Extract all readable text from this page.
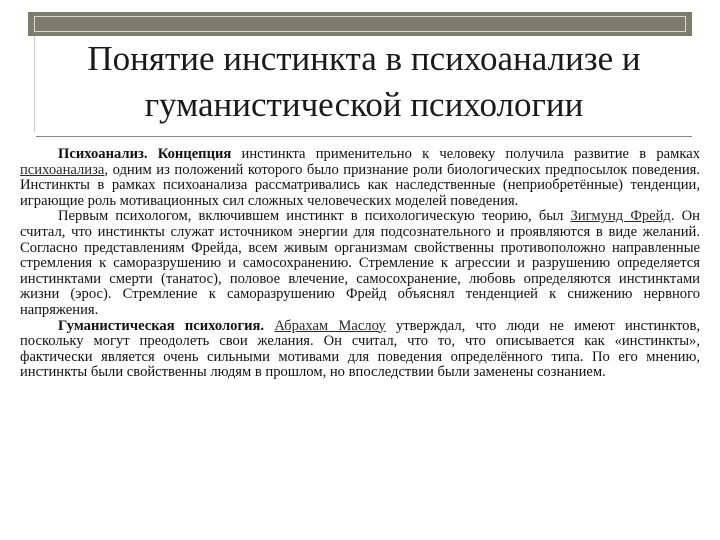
Понятие инстинкта в психоанализе и гуманистической психологии

Психоанализ. Концепция инстинкта применительно к человеку получила развитие в рамках психоанализа, одним из положений которого было признание роли биологических предпосылок поведения. Инстинкты в рамках психоанализа рассматривались как наследственные (неприобретённые) тенденции, играющие роль мотивационных сил сложных человеческих моделей поведения.

Первым психологом, включившем инстинкт в психологическую теорию, был Зигмунд Фрейд. Он считал, что инстинкты служат источником энергии для подсознательного и проявляются в виде желаний. Согласно представлениям Фрейда, всем живым организмам свойственны противоположно направленные стремления к саморазрушению и самосохранению. Стремление к агрессии и разрушению определяется инстинктами смерти (танатос), половое влечение, самосохранение, любовь определяются инстинктами жизни (эрос). Стремление к саморазрушению Фрейд объяснял тенденцией к снижению нервного напряжения.

Гуманистическая психология. Абрахам Маслоу утверждал, что люди не имеют инстинктов, поскольку могут преодолеть свои желания. Он считал, что то, что описывается как «инстинкты», фактически является очень сильными мотивами для поведения определённого типа. По его мнению, инстинкты были свойственны людям в прошлом, но впоследствии были заменены сознанием.
